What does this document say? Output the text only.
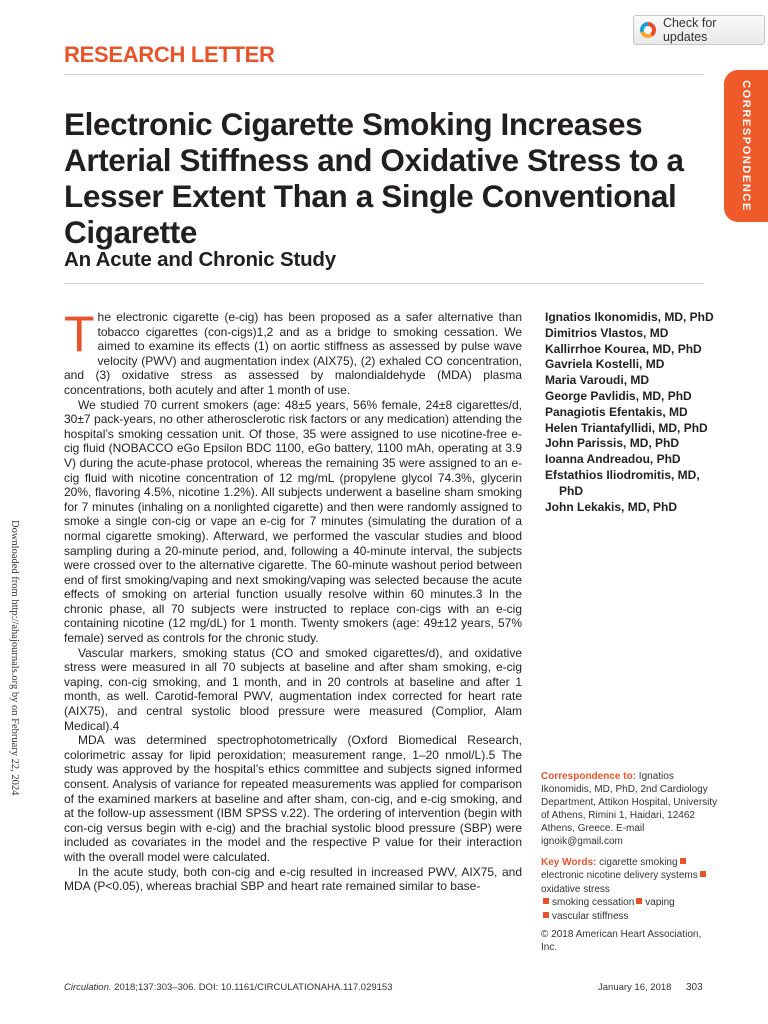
RESEARCH LETTER
Check for updates
CORRESPONDENCE
Electronic Cigarette Smoking Increases Arterial Stiffness and Oxidative Stress to a Lesser Extent Than a Single Conventional Cigarette
An Acute and Chronic Study
Downloaded from http://ahajournals.org by on February 22, 2024

The electronic cigarette (e-cig) has been proposed as a safer alternative than tobacco cigarettes (con-cigs)1,2 and as a bridge to smoking cessation. We aimed to examine its effects (1) on aortic stiffness as assessed by pulse wave velocity (PWV) and augmentation index (AIX75), (2) exhaled CO concentration, and (3) oxidative stress as assessed by malondialdehyde (MDA) plasma concentrations, both acutely and after 1 month of use.

We studied 70 current smokers (age: 48±5 years, 56% female, 24±8 cigarettes/d, 30±7 pack-years, no other atherosclerotic risk factors or any medication) attending the hospital’s smoking cessation unit. Of those, 35 were assigned to use nicotine-free e-cig fluid (NOBACCO eGo Epsilon BDC 1100, eGo battery, 1100 mAh, operating at 3.9 V) during the acute-phase protocol, whereas the remaining 35 were assigned to an e-cig fluid with nicotine concentration of 12 mg/mL (propylene glycol 74.3%, glycerin 20%, flavoring 4.5%, nicotine 1.2%). All subjects underwent a baseline sham smoking for 7 minutes (inhaling on a nonlighted cigarette) and then were randomly assigned to smoke a single con-cig or vape an e-cig for 7 minutes (simulating the duration of a normal cigarette smoking). Afterward, we performed the vascular studies and blood sampling during a 20-minute period, and, following a 40-minute interval, the subjects were crossed over to the alternative cigarette. The 60-minute washout period between end of first smoking/vaping and next smoking/vaping was selected because the acute effects of smoking on arterial function usually resolve within 60 minutes.3 In the chronic phase, all 70 subjects were instructed to replace con-cigs with an e-cig containing nicotine (12 mg/dL) for 1 month. Twenty smokers (age: 49±12 years, 57% female) served as controls for the chronic study.

Vascular markers, smoking status (CO and smoked cigarettes/d), and oxidative stress were measured in all 70 subjects at baseline and after sham smoking, e-cig vaping, con-cig smoking, and 1 month, and in 20 controls at baseline and after 1 month, as well. Carotid-femoral PWV, augmentation index corrected for heart rate (AIX75), and central systolic blood pressure were measured (Complior, Alam Medical).4

MDA was determined spectrophotometrically (Oxford Biomedical Research, colorimetric assay for lipid peroxidation; measurement range, 1–20 nmol/L).5 The study was approved by the hospital’s ethics committee and subjects signed informed consent. Analysis of variance for repeated measurements was applied for comparison of the examined markers at baseline and after sham, con-cig, and e-cig smoking, and at the follow-up assessment (IBM SPSS v.22). The ordering of intervention (begin with con-cig versus begin with e-cig) and the brachial systolic blood pressure (SBP) were included as covariates in the model and the respective P value for their interaction with the overall model were calculated.

In the acute study, both con-cig and e-cig resulted in increased PWV, AIX75, and MDA (P<0.05), whereas brachial SBP and heart rate remained similar to base-

Ignatios Ikonomidis, MD, PhD
Dimitrios Vlastos, MD
Kallirrhoe Kourea, MD, PhD
Gavriela Kostelli, MD
Maria Varoudi, MD
George Pavlidis, MD, PhD
Panagiotis Efentakis, MD
Helen Triantafyllidi, MD, PhD
John Parissis, MD, PhD
Ioanna Andreadou, PhD
Efstathios Iliodromitis, MD, PhD
John Lekakis, MD, PhD
Correspondence to: Ignatios Ikonomidis, MD, PhD, 2nd Cardiology Department, Attikon Hospital, University of Athens, Rimini 1, Haidari, 12462 Athens, Greece. E-mail ignoik@gmail.com
Key Words: cigarette smokingelectronic nicotine delivery systemsoxidative stress
smoking cessation vaping
vascular stiffness
© 2018 American Heart Association, Inc.
Circulation. 2018;137:303–306. DOI: 10.1161/CIRCULATIONAHA.117.029153	January 16, 2018 303
